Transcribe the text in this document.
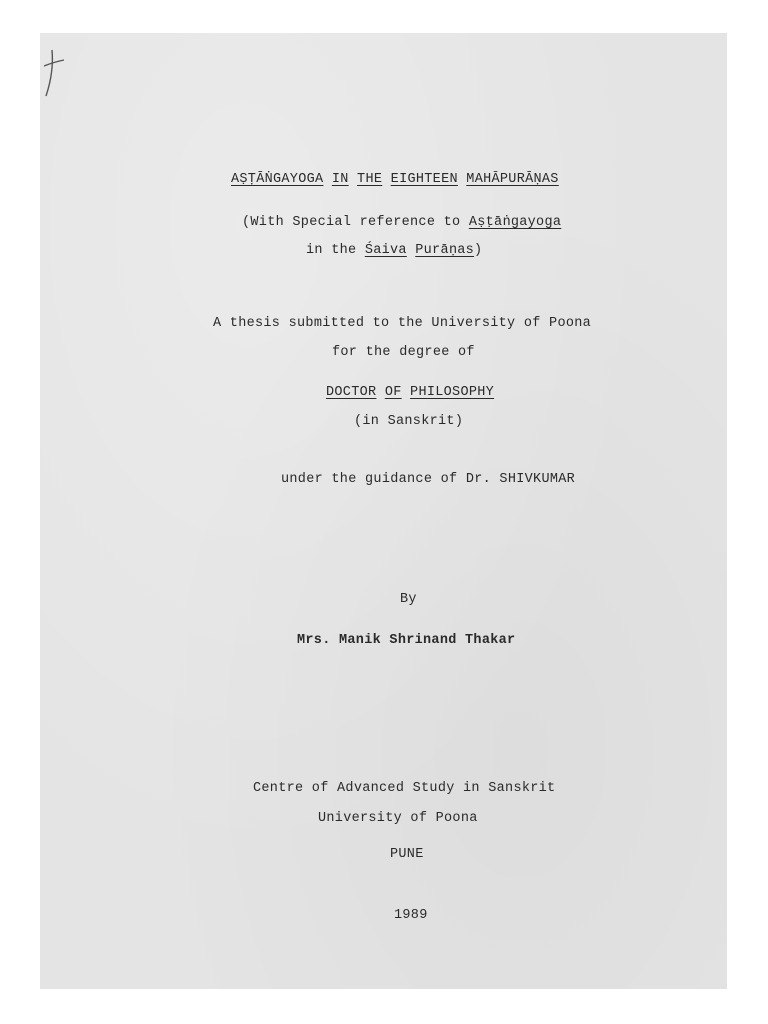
AṢṬĀṄGAYOGA IN THE EIGHTEEN MAHĀPURĀṆAS
(With Special reference to Aṣṭāṅgayoga
in the Śaiva Purāṇas)
A thesis submitted to the University of Poona
for the degree of
DOCTOR OF PHILOSOPHY
(in Sanskrit)
under the guidance of Dr. SHIVKUMAR
By
Mrs. Manik Shrinand Thakar
Centre of Advanced Study in Sanskrit
University of Poona
PUNE
1989
